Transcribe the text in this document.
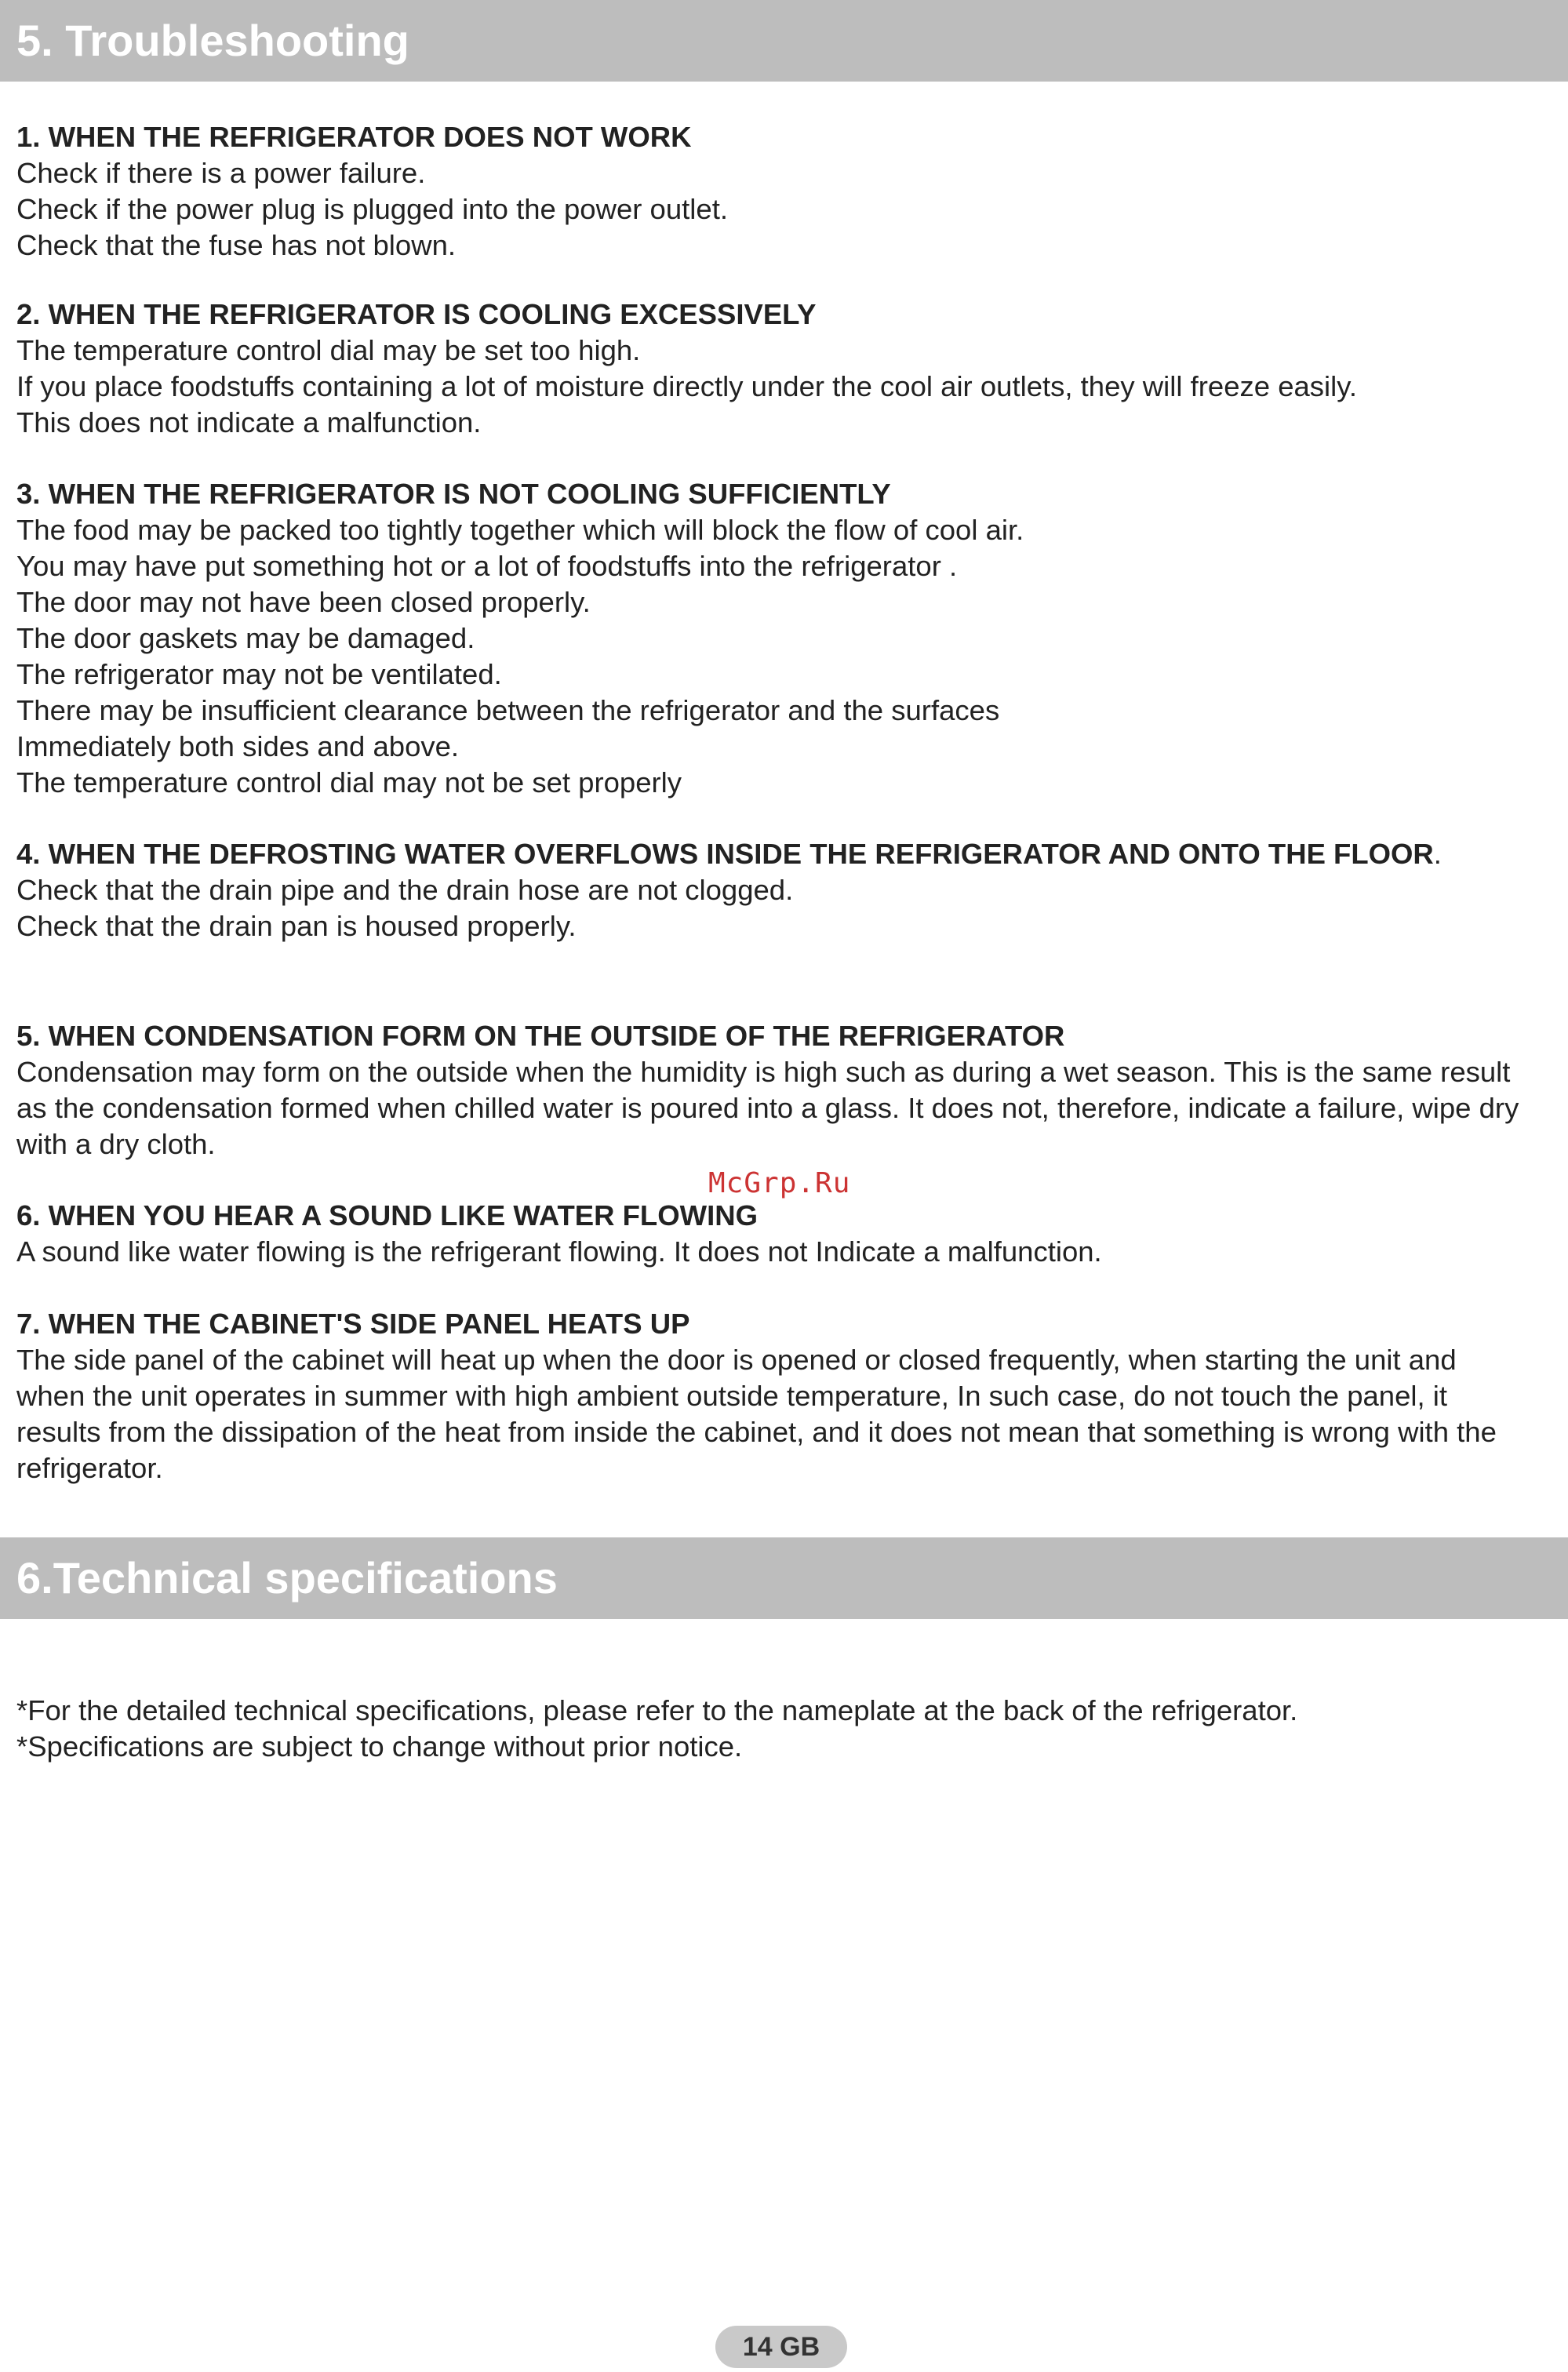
5. Troubleshooting
1. WHEN THE REFRIGERATOR DOES NOT WORK
Check if there is a power failure.
Check if the power plug is plugged into the power outlet.
Check that the fuse has not blown.
2. WHEN THE REFRIGERATOR IS COOLING EXCESSIVELY
The temperature control dial may be set too high.
If you place foodstuffs containing a lot of moisture directly under the cool air outlets, they will freeze easily.
This does not indicate a malfunction.
3. WHEN THE REFRIGERATOR IS NOT COOLING SUFFICIENTLY
The food may be packed too tightly together which will block the flow of cool air.
You may have put something hot or a lot of foodstuffs into the refrigerator .
The door may not have been closed properly.
The door gaskets may be damaged.
The refrigerator may not be ventilated.
There may be insufficient clearance between the refrigerator and the surfaces
Immediately both sides and above.
The temperature control dial may not be set properly
4. WHEN THE DEFROSTING WATER OVERFLOWS INSIDE THE REFRIGERATOR AND ONTO THE FLOOR.
Check that the drain pipe and the drain hose are not clogged.
Check that the drain pan is housed properly.
5. WHEN CONDENSATION FORM ON THE OUTSIDE OF THE REFRIGERATOR
Condensation may form on the outside when the humidity is high such as during a wet season. This is the same result as the condensation formed when chilled water is poured into a glass. It does not, therefore, indicate a failure, wipe dry with a dry cloth.
6. WHEN YOU HEAR A SOUND LIKE WATER FLOWING
A sound like water flowing is the refrigerant flowing. It does not Indicate a malfunction.
7. WHEN THE CABINET'S SIDE PANEL HEATS UP
The side panel of the cabinet will heat up when the door is opened or closed frequently, when starting the unit and when the unit operates in summer with high ambient outside temperature, In such case, do not touch the panel, it results from the dissipation of the heat from inside the cabinet, and it does not mean that something is wrong with the refrigerator.
6.Technical specifications
*For the detailed technical specifications, please refer to the nameplate at the back of the refrigerator.
*Specifications are subject to change without prior notice.
McGrp.Ru
14 GB
